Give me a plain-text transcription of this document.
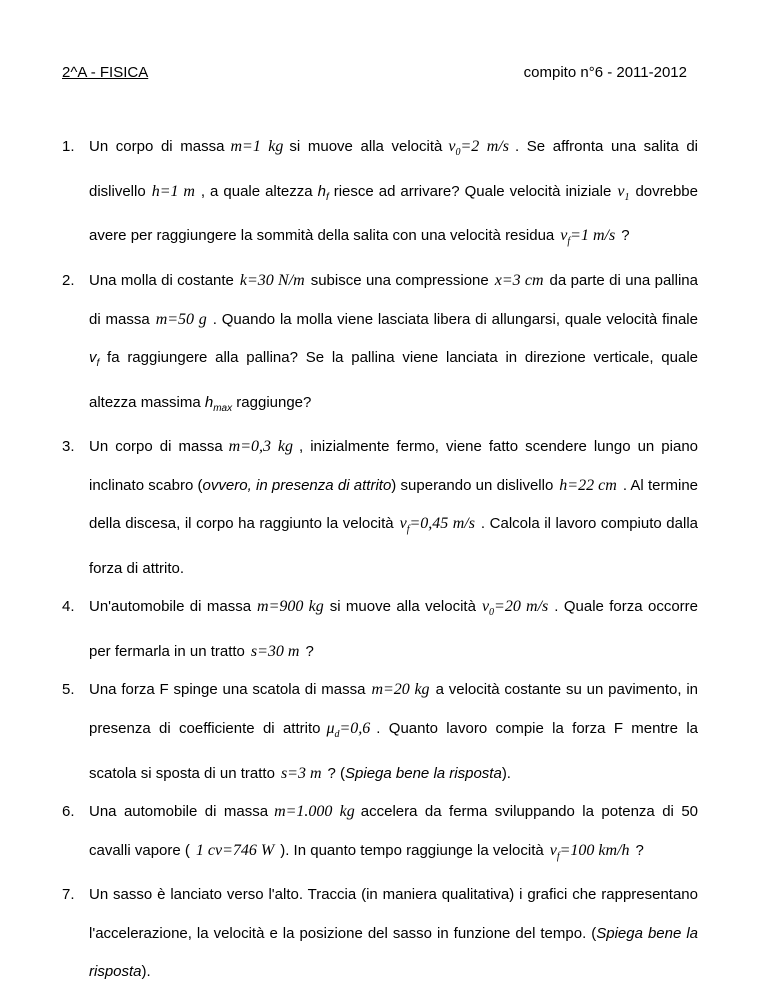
2^A - FISICA	compito n°6 - 2011-2012
1. Un corpo di massa m=1 kg si muove alla velocità $v_0=2$ m/s . Se affronta una salita di dislivello h=1 m , a quale altezza $h_f$ riesce ad arrivare? Quale velocità iniziale $v_1$ dovrebbe avere per raggiungere la sommità della salita con una velocità residua $v_f=1$ m/s ?
2. Una molla di costante k=30 N/m subisce una compressione x=3 cm da parte di una pallina di massa m=50 g . Quando la molla viene lasciata libera di allungarsi, quale velocità finale $v_f$ fa raggiungere alla pallina? Se la pallina viene lanciata in direzione verticale, quale altezza massima $h_{max}$ raggiunge?
3. Un corpo di massa m=0,3 kg , inizialmente fermo, viene fatto scendere lungo un piano inclinato scabro (ovvero, in presenza di attrito) superando un dislivello h=22 cm . Al termine della discesa, il corpo ha raggiunto la velocità $v_f=0,45$ m/s . Calcola il lavoro compiuto dalla forza di attrito.
4. Un'automobile di massa m=900 kg si muove alla velocità $v_0=20$ m/s . Quale forza occorre per fermarla in un tratto s=30 m ?
5. Una forza F spinge una scatola di massa m=20 kg a velocità costante su un pavimento, in presenza di coefficiente di attrito $\mu_d=0,6$ . Quanto lavoro compie la forza F mentre la scatola si sposta di un tratto s=3 m ? (Spiega bene la risposta).
6. Una automobile di massa m=1.000 kg accelera da ferma sviluppando la potenza di 50 cavalli vapore ( 1 cv=746 W ). In quanto tempo raggiunge la velocità $v_f=100$ km/h ?
7. Un sasso è lanciato verso l'alto. Traccia (in maniera qualitativa) i grafici che rappresentano l'accelerazione, la velocità e la posizione del sasso in funzione del tempo. (Spiega bene la risposta).
